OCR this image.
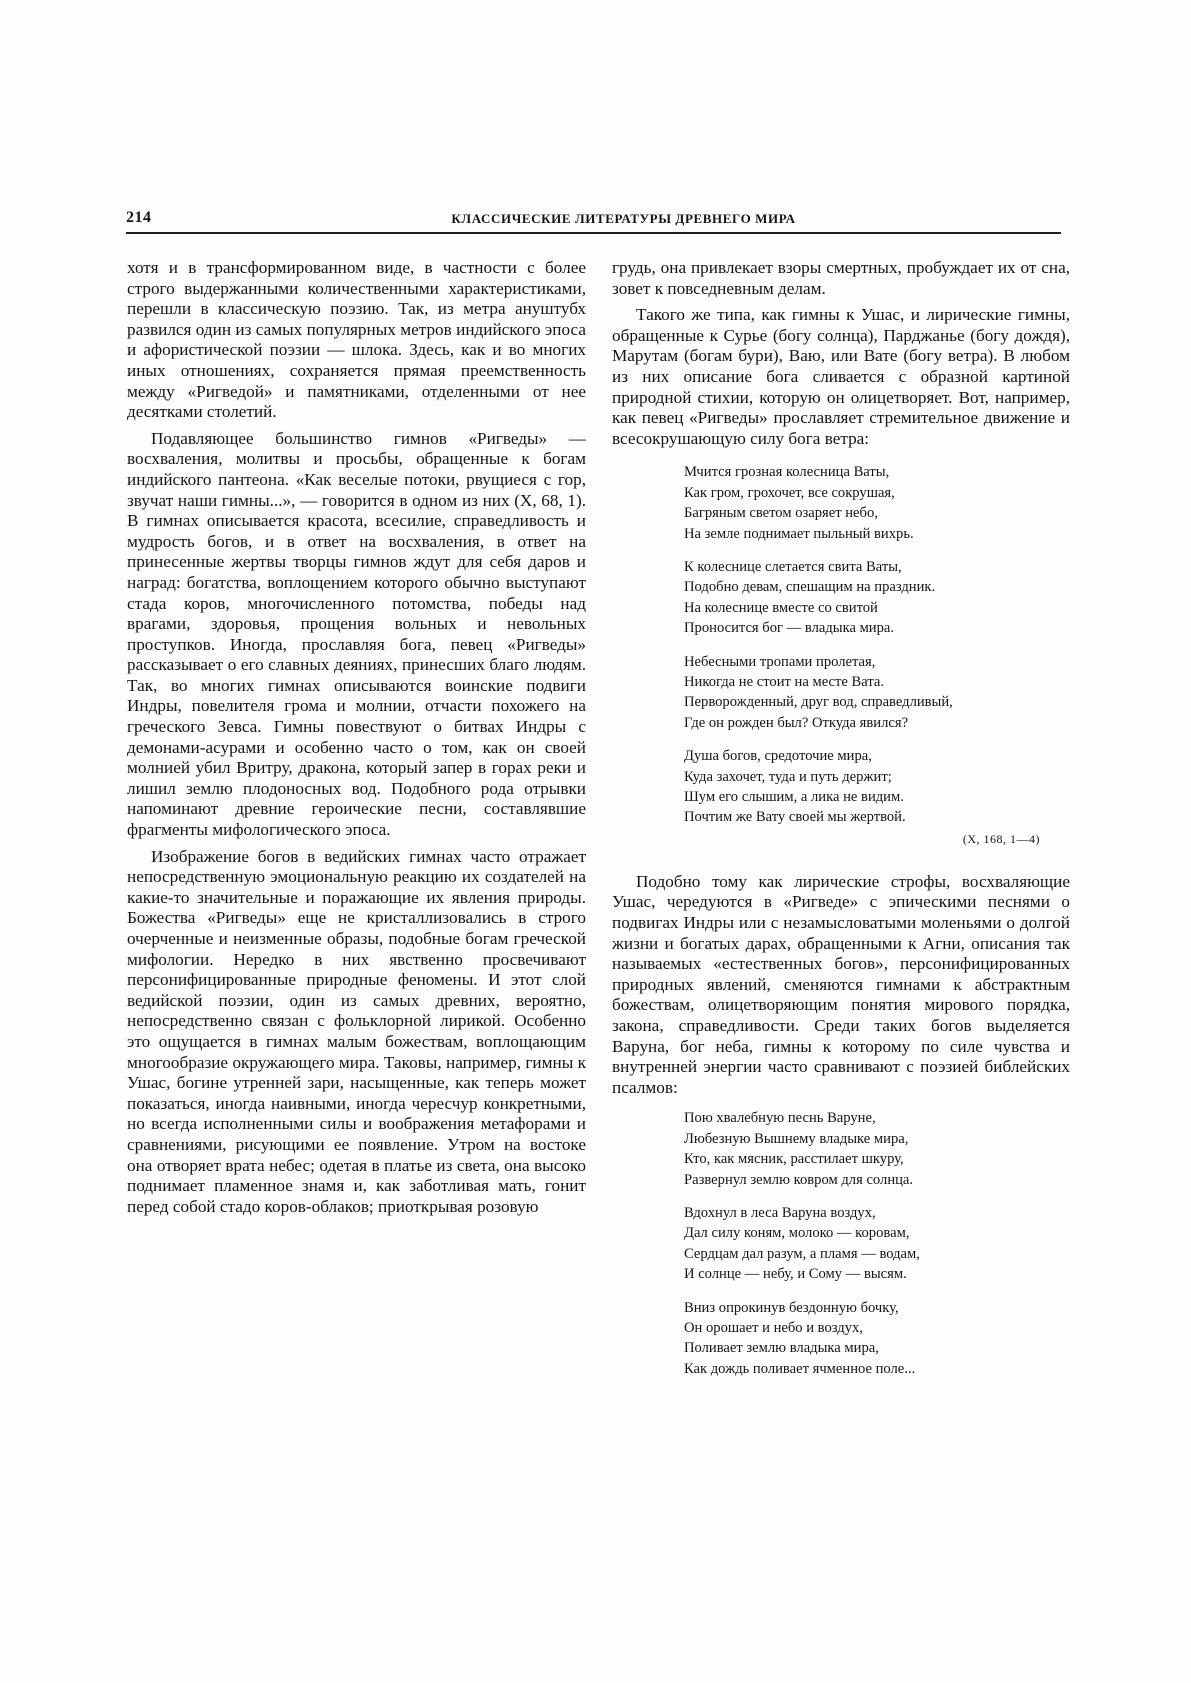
214	КЛАССИЧЕСКИЕ ЛИТЕРАТУРЫ ДРЕВНЕГО МИРА

хотя и в трансформированном виде, в частности с более строго выдержанными количественными характеристиками, перешли в классическую поэзию. Так, из метра ануштубх развился один из самых популярных метров индийского эпоса и афористической поэзии — шлока. Здесь, как и во многих иных отношениях, сохраняется прямая преемственность между «Ригведой» и памятниками, отделенными от нее десятками столетий.

Подавляющее большинство гимнов «Ригведы» — восхваления, молитвы и просьбы, обращенные к богам индийского пантеона. «Как веселые потоки, рвущиеся с гор, звучат наши гимны...», — говорится в одном из них (X, 68, 1). В гимнах описывается красота, всесилие, справедливость и мудрость богов, и в ответ на восхваления, в ответ на принесенные жертвы творцы гимнов ждут для себя даров и наград: богатства, воплощением которого обычно выступают стада коров, многочисленного потомства, победы над врагами, здоровья, прощения вольных и невольных проступков. Иногда, прославляя бога, певец «Ригведы» рассказывает о его славных деяниях, принесших благо людям. Так, во многих гимнах описываются воинские подвиги Индры, повелителя грома и молнии, отчасти похожего на греческого Зевса. Гимны повествуют о битвах Индры с демонами-асурами и особенно часто о том, как он своей молнией убил Вритру, дракона, который запер в горах реки и лишил землю плодоносных вод. Подобного рода отрывки напоминают древние героические песни, составлявшие фрагменты мифологического эпоса.

Изображение богов в ведийских гимнах часто отражает непосредственную эмоциональную реакцию их создателей на какие-то значительные и поражающие их явления природы. Божества «Ригведы» еще не кристаллизовались в строго очерченные и неизменные образы, подобные богам греческой мифологии. Нередко в них явственно просвечивают персонифицированные природные феномены. И этот слой ведийской поэзии, один из самых древних, вероятно, непосредственно связан с фольклорной лирикой. Особенно это ощущается в гимнах малым божествам, воплощающим многообразие окружающего мира. Таковы, например, гимны к Ушас, богине утренней зари, насыщенные, как теперь может показаться, иногда наивными, иногда чересчур конкретными, но всегда исполненными силы и воображения метафорами и сравнениями, рисующими ее появление. Утром на востоке она отворяет врата небес; одетая в платье из света, она высоко поднимает пламенное знамя и, как заботливая мать, гонит перед собой стадо коров-облаков; приоткрывая розовую

грудь, она привлекает взоры смертных, пробуждает их от сна, зовет к повседневным делам.

Такого же типа, как гимны к Ушас, и лирические гимны, обращенные к Сурье (богу солнца), Парджанье (богу дождя), Марутам (богам бури), Ваю, или Вате (богу ветра). В любом из них описание бога сливается с образной картиной природной стихии, которую он олицетворяет. Вот, например, как певец «Ригведы» прославляет стремительное движение и всесокрушающую силу бога ветра:

Мчится грозная колесница Ваты,
Как гром, грохочет, все сокрушая,
Багряным светом озаряет небо,
На земле поднимает пыльный вихрь.
К колеснице слетается свита Ваты,
Подобно девам, спешащим на праздник.
На колеснице вместе со свитой
Проносится бог — владыка мира.
Небесными тропами пролетая,
Никогда не стоит на месте Вата.
Перворожденный, друг вод, справедливый,
Где он рожден был? Откуда явился?
Душа богов, средоточие мира,
Куда захочет, туда и путь держит;
Шум его слышим, а лика не видим.
Почтим же Вату своей мы жертвой.
(X, 168, 1—4)

Подобно тому как лирические строфы, восхваляющие Ушас, чередуются в «Ригведе» с эпическими песнями о подвигах Индры или с незамысловатыми моленьями о долгой жизни и богатых дарах, обращенными к Агни, описания так называемых «естественных богов», персонифицированных природных явлений, сменяются гимнами к абстрактным божествам, олицетворяющим понятия мирового порядка, закона, справедливости. Среди таких богов выделяется Варуна, бог неба, гимны к которому по силе чувства и внутренней энергии часто сравнивают с поэзией библейских псалмов:

Пою хвалебную песнь Варуне,
Любезную Вышнему владыке мира,
Кто, как мясник, расстилает шкуру,
Развернул землю ковром для солнца.
Вдохнул в леса Варуна воздух,
Дал силу коням, молоко — коровам,
Сердцам дал разум, а пламя — водам,
И солнце — небу, и Сому — высям.
Вниз опрокинув бездонную бочку,
Он орошает и небо и воздух,
Поливает землю владыка мира,
Как дождь поливает ячменное поле...
